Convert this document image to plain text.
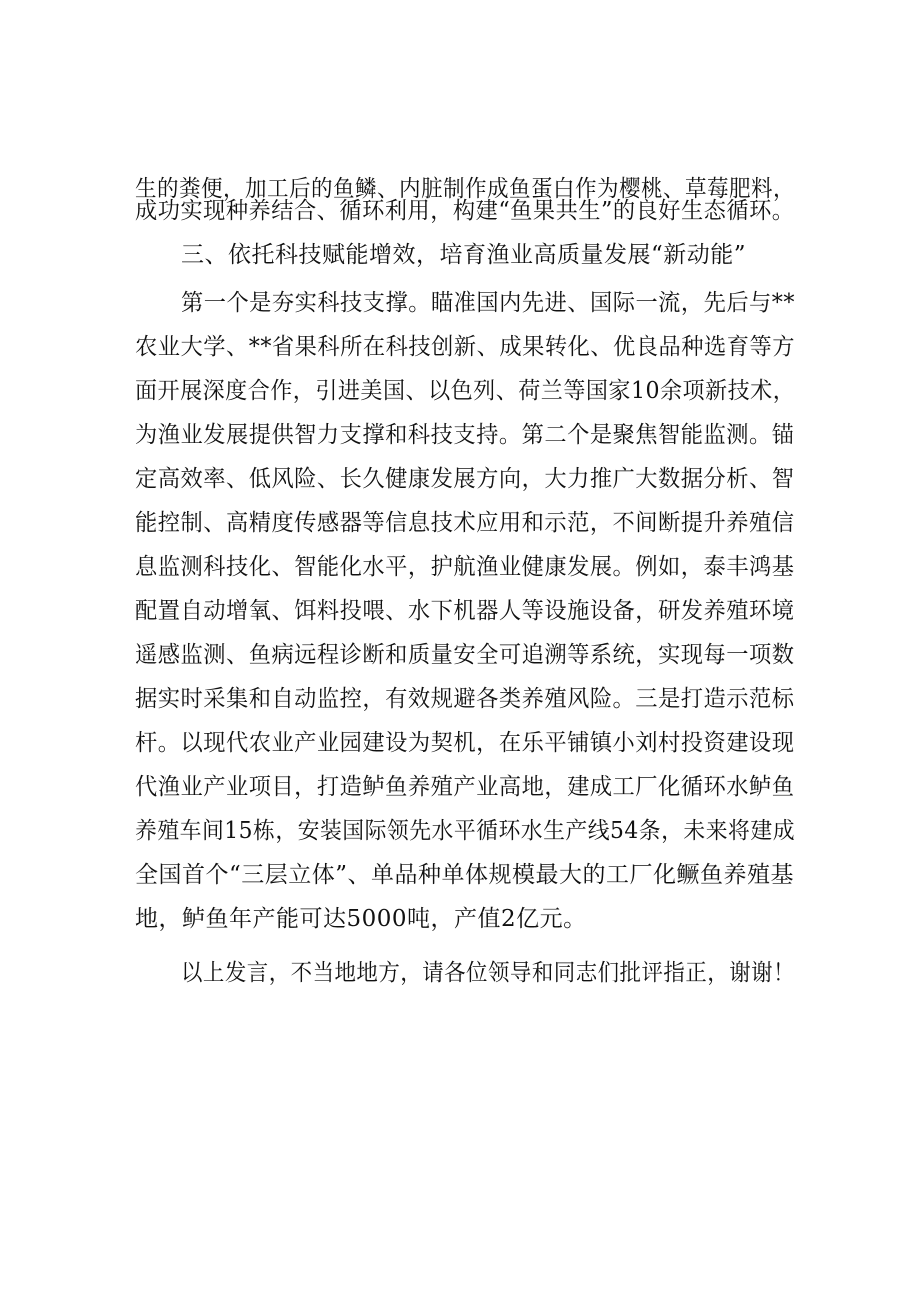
生的粪便，加工后的鱼鳞、内脏制作成鱼蛋白作为樱桃、草莓肥料，
成功实现种养结合、循环利用，构建“鱼果共生”的良好生态循环。
三、依托科技赋能增效，培育渔业高质量发展“新动能”
第一个是夯实科技支撑。瞄准国内先进、国际一流，先后与**
农业大学、**省果科所在科技创新、成果转化、优良品种选育等方
面开展深度合作，引进美国、以色列、荷兰等国家10余项新技术，
为渔业发展提供智力支撑和科技支持。第二个是聚焦智能监测。锚
定高效率、低风险、长久健康发展方向，大力推广大数据分析、智
能控制、高精度传感器等信息技术应用和示范，不间断提升养殖信
息监测科技化、智能化水平，护航渔业健康发展。例如，泰丰鸿基
配置自动增氧、饵料投喂、水下机器人等设施设备，研发养殖环境
遥感监测、鱼病远程诊断和质量安全可追溯等系统，实现每一项数
据实时采集和自动监控，有效规避各类养殖风险。三是打造示范标
杆。以现代农业产业园建设为契机，在乐平铺镇小刘村投资建设现
代渔业产业项目，打造鲈鱼养殖产业高地，建成工厂化循环水鲈鱼
养殖车间15栋，安装国际领先水平循环水生产线54条，未来将建成
全国首个“三层立体”、单品种单体规模最大的工厂化鳜鱼养殖基
地，鲈鱼年产能可达5000吨，产值2亿元。
以上发言，不当地地方，请各位领导和同志们批评指正，谢谢！
